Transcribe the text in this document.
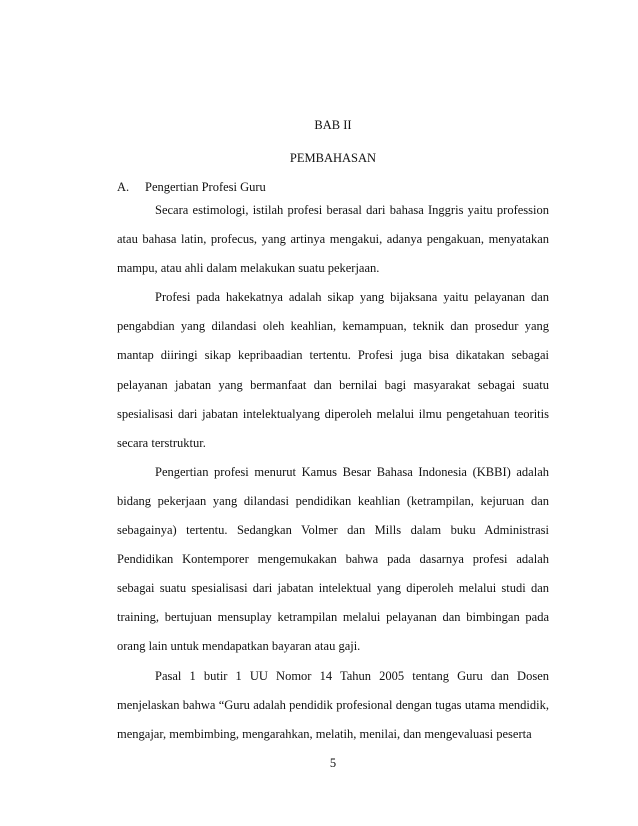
BAB II
PEMBAHASAN
A. Pengertian Profesi Guru

Secara estimologi, istilah profesi berasal dari bahasa Inggris yaitu profession atau bahasa latin, profecus, yang artinya mengakui, adanya pengakuan, menyatakan mampu, atau ahli dalam melakukan suatu pekerjaan.

Profesi pada hakekatnya adalah sikap yang bijaksana yaitu pelayanan dan pengabdian yang dilandasi oleh keahlian, kemampuan, teknik dan prosedur yang mantap diiringi sikap kepribaadian tertentu. Profesi juga bisa dikatakan sebagai pelayanan jabatan yang bermanfaat dan bernilai bagi masyarakat sebagai suatu spesialisasi dari jabatan intelektualyang diperoleh melalui ilmu pengetahuan teoritis secara terstruktur.

Pengertian profesi menurut Kamus Besar Bahasa Indonesia (KBBI) adalah bidang pekerjaan yang dilandasi pendidikan keahlian (ketrampilan, kejuruan dan sebagainya) tertentu. Sedangkan Volmer dan Mills dalam buku Administrasi Pendidikan Kontemporer mengemukakan bahwa pada dasarnya profesi adalah sebagai suatu spesialisasi dari jabatan intelektual yang diperoleh melalui studi dan training, bertujuan mensuplay ketrampilan melalui pelayanan dan bimbingan pada orang lain untuk mendapatkan bayaran atau gaji.

Pasal 1 butir 1 UU Nomor 14 Tahun 2005 tentang Guru dan Dosen menjelaskan bahwa “Guru adalah pendidik profesional dengan tugas utama mendidik, mengajar, membimbing, mengarahkan, melatih, menilai, dan mengevaluasi peserta

5
